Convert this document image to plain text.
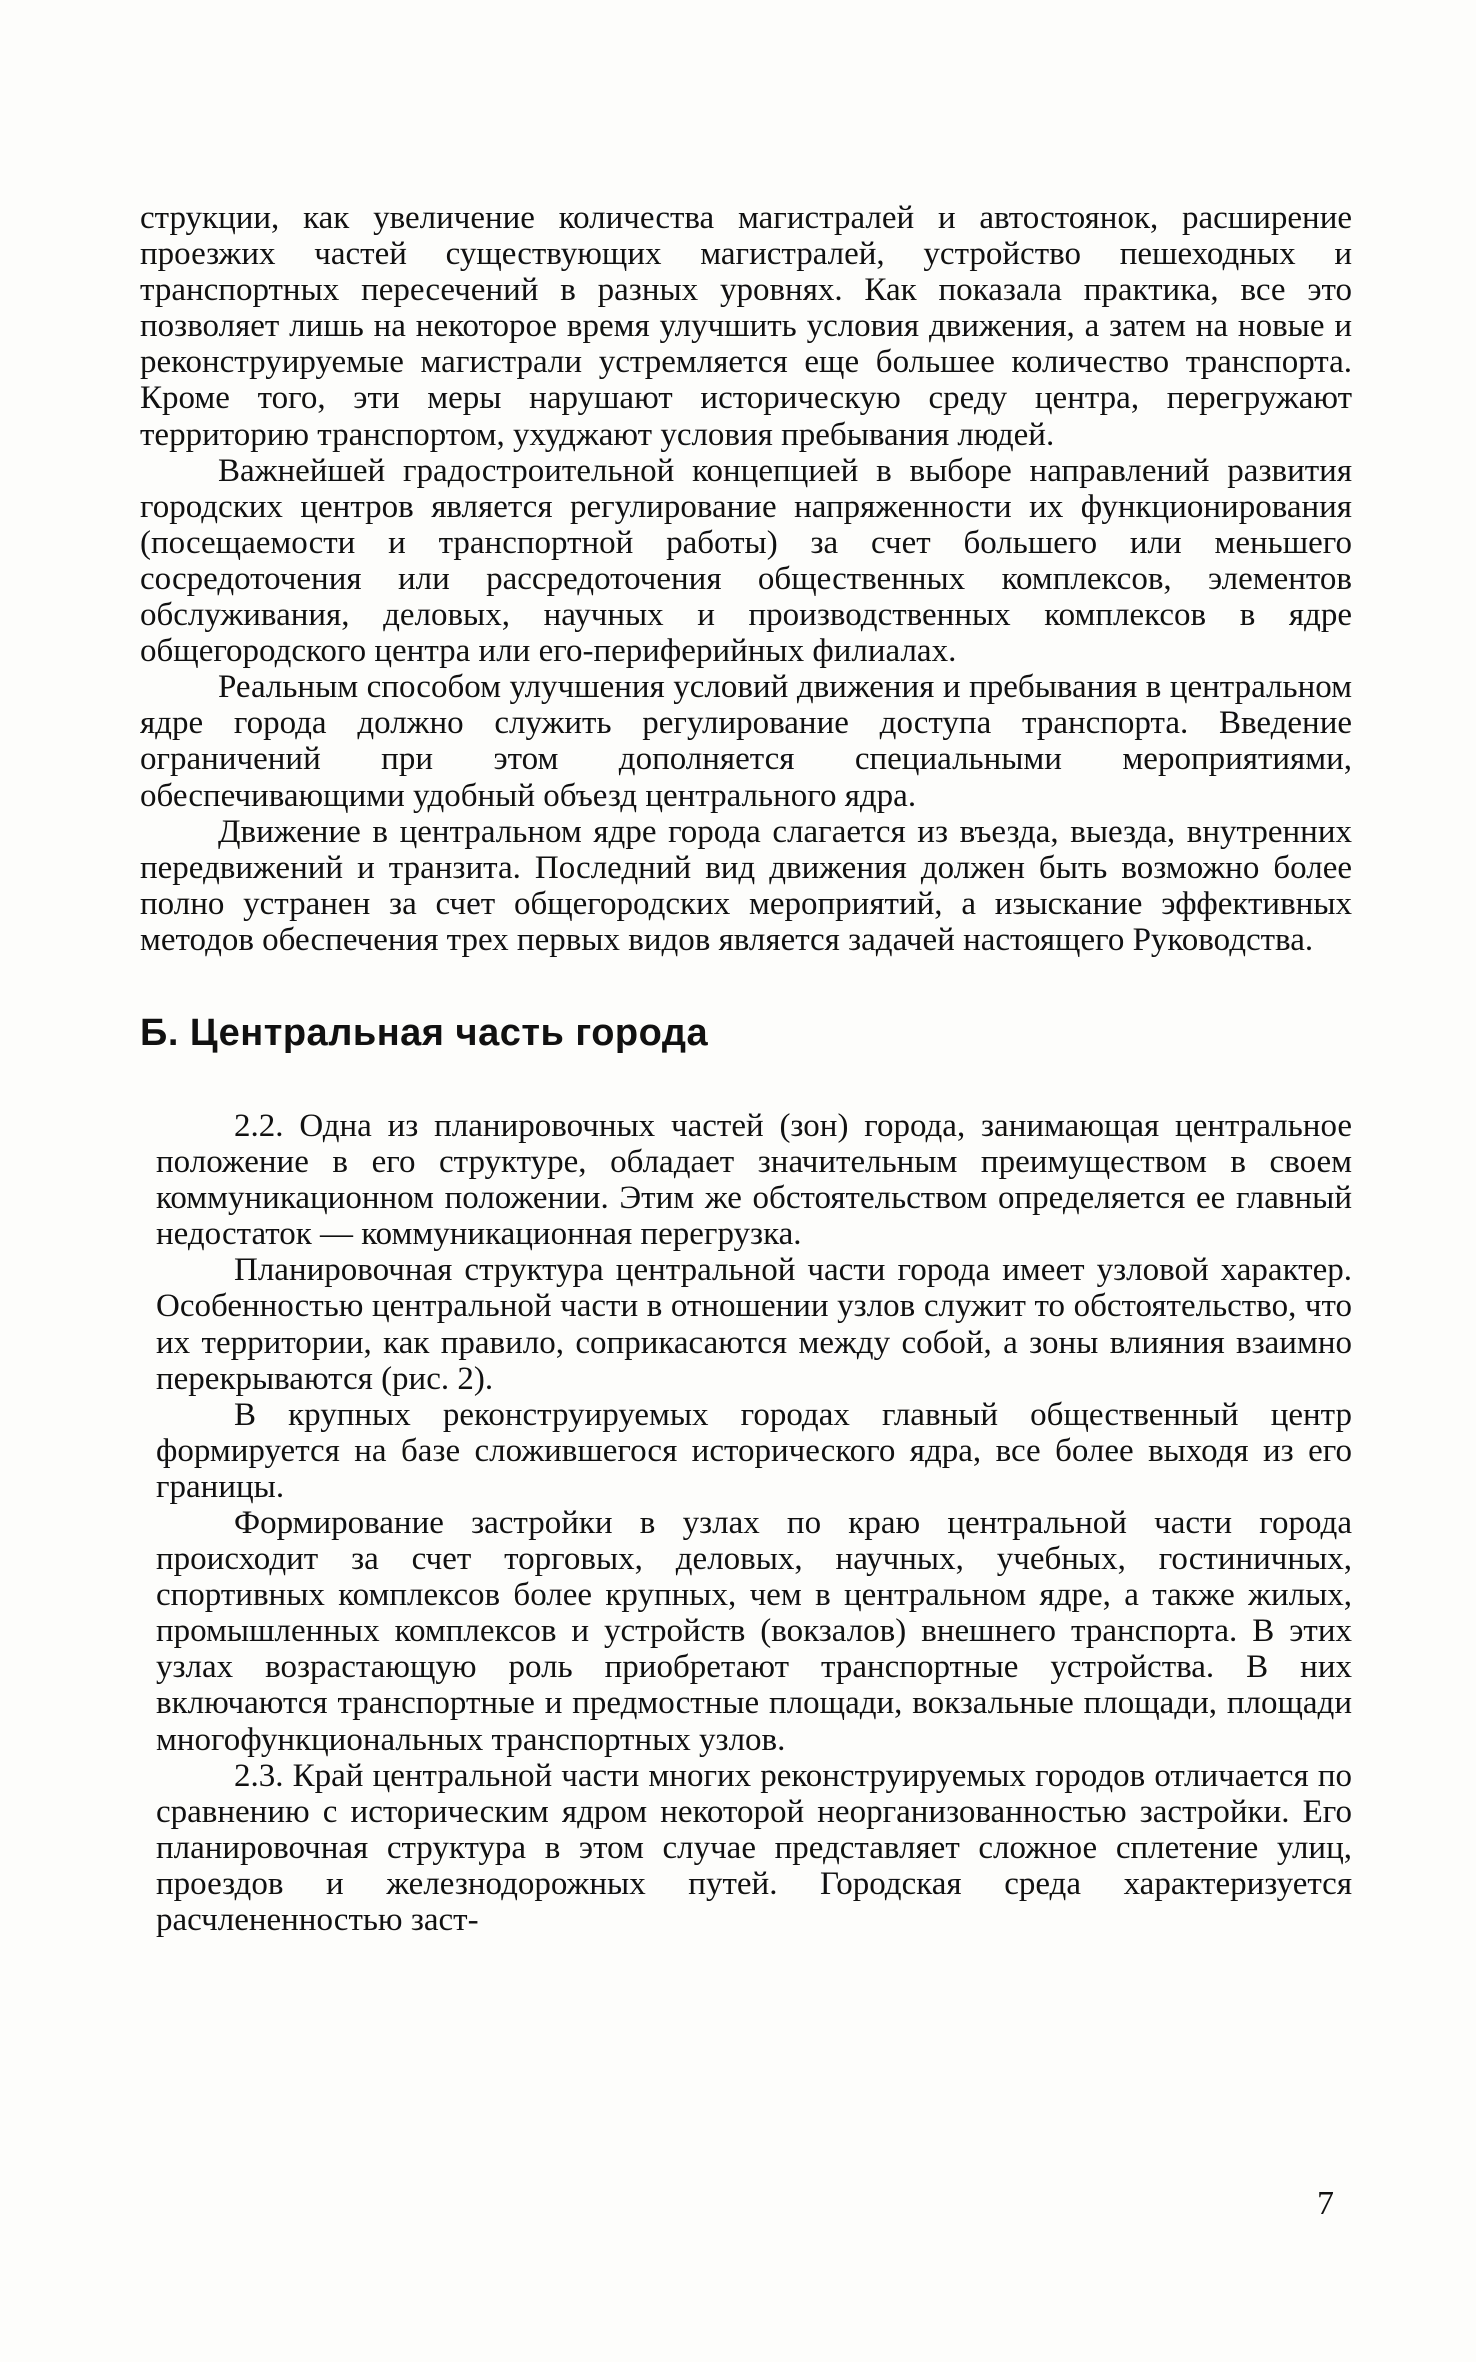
струкции, как увеличение количества магистралей и автостоянок, расширение проезжих частей существующих магистралей, устройство пешеходных и транспортных пересечений в разных уровнях. Как показала практика, все это позволяет лишь на некоторое время улучшить условия движения, а затем на новые и реконструируемые магистрали устремляется еще большее количество транспорта. Кроме того, эти меры нарушают историческую среду центра, перегружают территорию транспортом, ухуджают условия пребывания людей.

Важнейшей градостроительной концепцией в выборе направлений развития городских центров является регулирование напряженности их функционирования (посещаемости и транспортной работы) за счет большего или меньшего сосредоточения или рассредоточения общественных комплексов, элементов обслуживания, деловых, научных и производственных комплексов в ядре общегородского центра или его-периферийных филиалах.

Реальным способом улучшения условий движения и пребывания в центральном ядре города должно служить регулирование доступа транспорта. Введение ограничений при этом дополняется специальными мероприятиями, обеспечивающими удобный объезд центрального ядра.

Движение в центральном ядре города слагается из въезда, выезда, внутренних передвижений и транзита. Последний вид движения должен быть возможно более полно устранен за счет общегородских мероприятий, а изыскание эффективных методов обеспечения трех первых видов является задачей настоящего Руководства.

Б. Центральная часть города

2.2. Одна из планировочных частей (зон) города, занимающая центральное положение в его структуре, обладает значительным преимуществом в своем коммуникационном положении. Этим же обстоятельством определяется ее главный недостаток — коммуникационная перегрузка.

Планировочная структура центральной части города имеет узловой характер. Особенностью центральной части в отношении узлов служит то обстоятельство, что их территории, как правило, соприкасаются между собой, а зоны влияния взаимно перекрываются (рис. 2).

В крупных реконструируемых городах главный общественный центр формируется на базе сложившегося исторического ядра, все более выходя из его границы.

Формирование застройки в узлах по краю центральной части города происходит за счет торговых, деловых, научных, учебных, гостиничных, спортивных комплексов более крупных, чем в центральном ядре, а также жилых, промышленных комплексов и устройств (вокзалов) внешнего транспорта. В этих узлах возрастающую роль приобретают транспортные устройства. В них включаются транспортные и предмостные площади, вокзальные площади, площади многофункциональных транспортных узлов.

2.3. Край центральной части многих реконструируемых городов отличается по сравнению с историческим ядром некоторой неорганизованностью застройки. Его планировочная структура в этом случае представляет сложное сплетение улиц, проездов и железнодорожных путей. Городская среда характеризуется расчлененностью заст-

7
